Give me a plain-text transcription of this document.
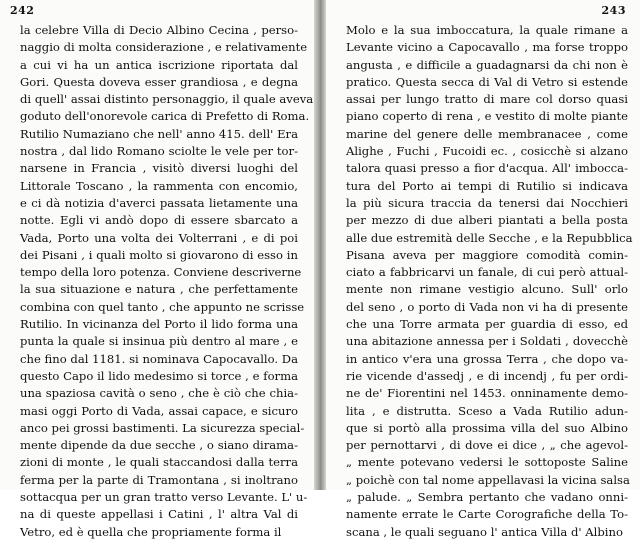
242
la celebre Villa di Decio Albino Cecina , perso-
naggio di molta considerazione , e relativamente
a cui vi ha un antica iscrizione riportata dal
Gori. Questa doveva esser grandiosa , e degna
di quell' assai distinto personaggio, il quale aveva
goduto dell'onorevole carica di Prefetto di Roma.
Rutilio Numaziano che nell' anno 415. dell' Era
nostra , dal lido Romano sciolte le vele per tor-
narsene in Francia , visitò diversi luoghi del
Littorale Toscano , la rammenta con encomio,
e ci dà notizia d'averci passata lietamente una
notte. Egli vi andò dopo di essere sbarcato a
Vada, Porto una volta dei Volterrani , e di poi
dei Pisani , i quali molto si giovarono di esso in
tempo della loro potenza. Conviene descriverne
la sua situazione e natura , che perfettamente
combina con quel tanto , che appunto ne scrisse
Rutilio. In vicinanza del Porto il lido forma una
punta la quale si insinua più dentro al mare , e
che fino dal 1181. si nominava Capocavallo. Da
questo Capo il lido medesimo si torce , e forma
una spaziosa cavità o seno , che è ciò che chia-
masi oggi Porto di Vada, assai capace, e sicuro
anco pei grossi bastimenti. La sicurezza special-
mente dipende da due secche , o siano dirama-
zioni di monte , le quali staccandosi dalla terra
ferma per la parte di Tramontana , si inoltrano
sottacqua per un gran tratto verso Levante. L' u-
na di queste appellasi i Catini , l' altra Val di
Vetro, ed è quella che propriamente forma il
243
Molo e la sua imboccatura, la quale rimane a
Levante vicino a Capocavallo , ma forse troppo
angusta , e difficile a guadagnarsi da chi non è
pratico. Questa secca di Val di Vetro si estende
assai per lungo tratto di mare col dorso quasi
piano coperto di rena , e vestito di molte piante
marine del genere delle membranacee , come
Alighe , Fuchi , Fucoidi ec. , cosicchè si alzano
talora quasi presso a fior d'acqua. All' imbocca-
tura del Porto ai tempi di Rutilio si indicava
la più sicura traccia da tenersi dai Nocchieri
per mezzo di due alberi piantati a bella posta
alle due estremità delle Secche , e la Repubblica
Pisana aveva per maggiore comodità comin-
ciato a fabbricarvi un fanale, di cui però attual-
mente non rimane vestigio alcuno. Sull' orlo
del seno , o porto di Vada non vi ha di presente
che una Torre armata per guardia di esso, ed
una abitazione annessa per i Soldati , dovecchè
in antico v'era una grossa Terra , che dopo va-
rie vicende d'assedj , e di incendj , fu per ordi-
ne de' Fiorentini nel 1453. onninamente demo-
lita , e distrutta. Sceso a Vada Rutilio adun-
que si portò alla prossima villa del suo Albino
per pernottarvi , di dove ei dice , „ che agevol-
„ mente potevano vedersi le sottoposte Saline
„ poichè con tal nome appellavasi la vicina salsa
„ palude. „ Sembra pertanto che vadano onni-
namente errate le Carte Corografiche della To-
scana , le quali seguano l' antica Villa d' Albino
